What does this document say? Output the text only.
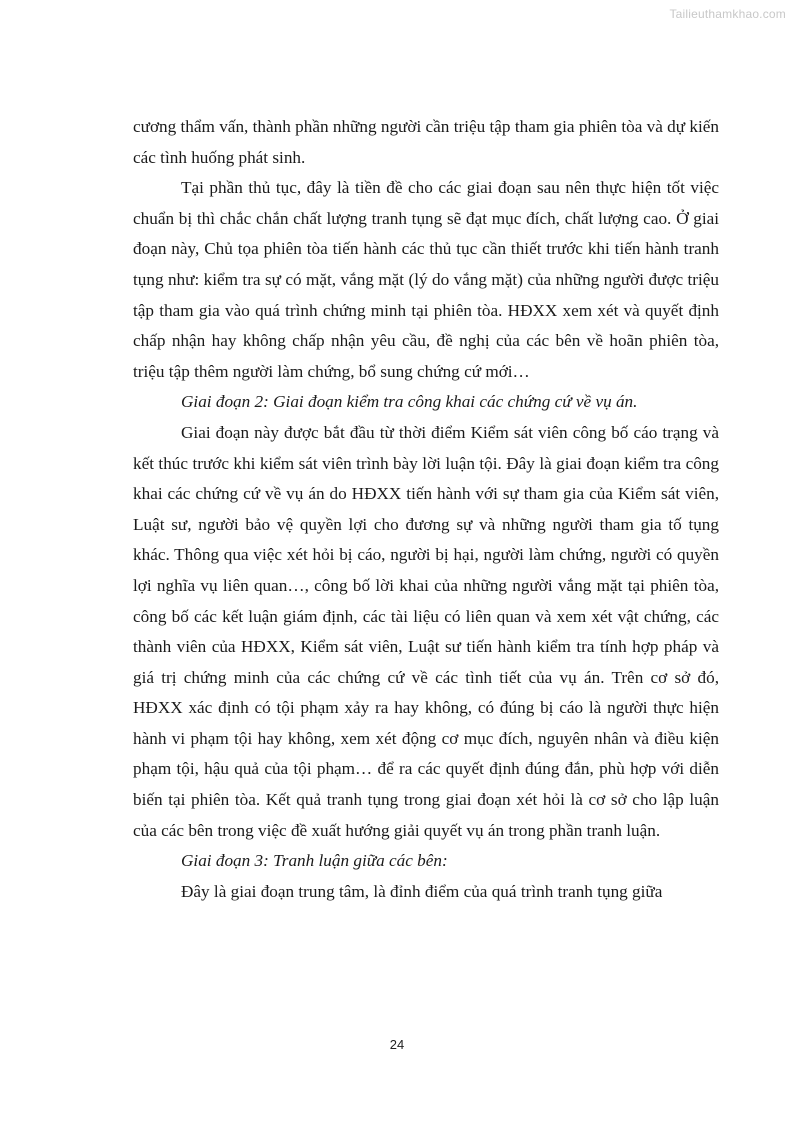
Tailieuthamkhao.com

cương thẩm vấn, thành phần những người cần triệu tập tham gia phiên tòa và dự kiến các tình huống phát sinh.

Tại phần thủ tục, đây là tiền đề cho các giai đoạn sau nên thực hiện tốt việc chuẩn bị thì chắc chắn chất lượng tranh tụng sẽ đạt mục đích, chất lượng cao. Ở giai đoạn này, Chủ tọa phiên tòa tiến hành các thủ tục cần thiết trước khi tiến hành tranh tụng như: kiểm tra sự có mặt, vắng mặt (lý do vắng mặt) của những người được triệu tập tham gia vào quá trình chứng minh tại phiên tòa. HĐXX xem xét và quyết định chấp nhận hay không chấp nhận yêu cầu, đề nghị của các bên về hoãn phiên tòa, triệu tập thêm người làm chứng, bổ sung chứng cứ mới…

Giai đoạn 2: Giai đoạn kiểm tra công khai các chứng cứ về vụ án.

Giai đoạn này được bắt đầu từ thời điểm Kiểm sát viên công bố cáo trạng và kết thúc trước khi kiểm sát viên trình bày lời luận tội. Đây là giai đoạn kiểm tra công khai các chứng cứ về vụ án do HĐXX tiến hành với sự tham gia của Kiểm sát viên, Luật sư, người bảo vệ quyền lợi cho đương sự và những người tham gia tố tụng khác. Thông qua việc xét hỏi bị cáo, người bị hại, người làm chứng, người có quyền lợi nghĩa vụ liên quan…, công bố lời khai của những người vắng mặt tại phiên tòa, công bố các kết luận giám định, các tài liệu có liên quan và xem xét vật chứng, các thành viên của HĐXX, Kiểm sát viên, Luật sư tiến hành kiểm tra tính hợp pháp và giá trị chứng minh của các chứng cứ về các tình tiết của vụ án. Trên cơ sở đó, HĐXX xác định có tội phạm xảy ra hay không, có đúng bị cáo là người thực hiện hành vi phạm tội hay không, xem xét động cơ mục đích, nguyên nhân và điều kiện phạm tội, hậu quả của tội phạm… để ra các quyết định đúng đắn, phù hợp với diễn biến tại phiên tòa. Kết quả tranh tụng trong giai đoạn xét hỏi là cơ sở cho lập luận của các bên trong việc đề xuất hướng giải quyết vụ án trong phần tranh luận.

Giai đoạn 3: Tranh luận giữa các bên:

Đây là giai đoạn trung tâm, là đỉnh điểm của quá trình tranh tụng giữa

24
